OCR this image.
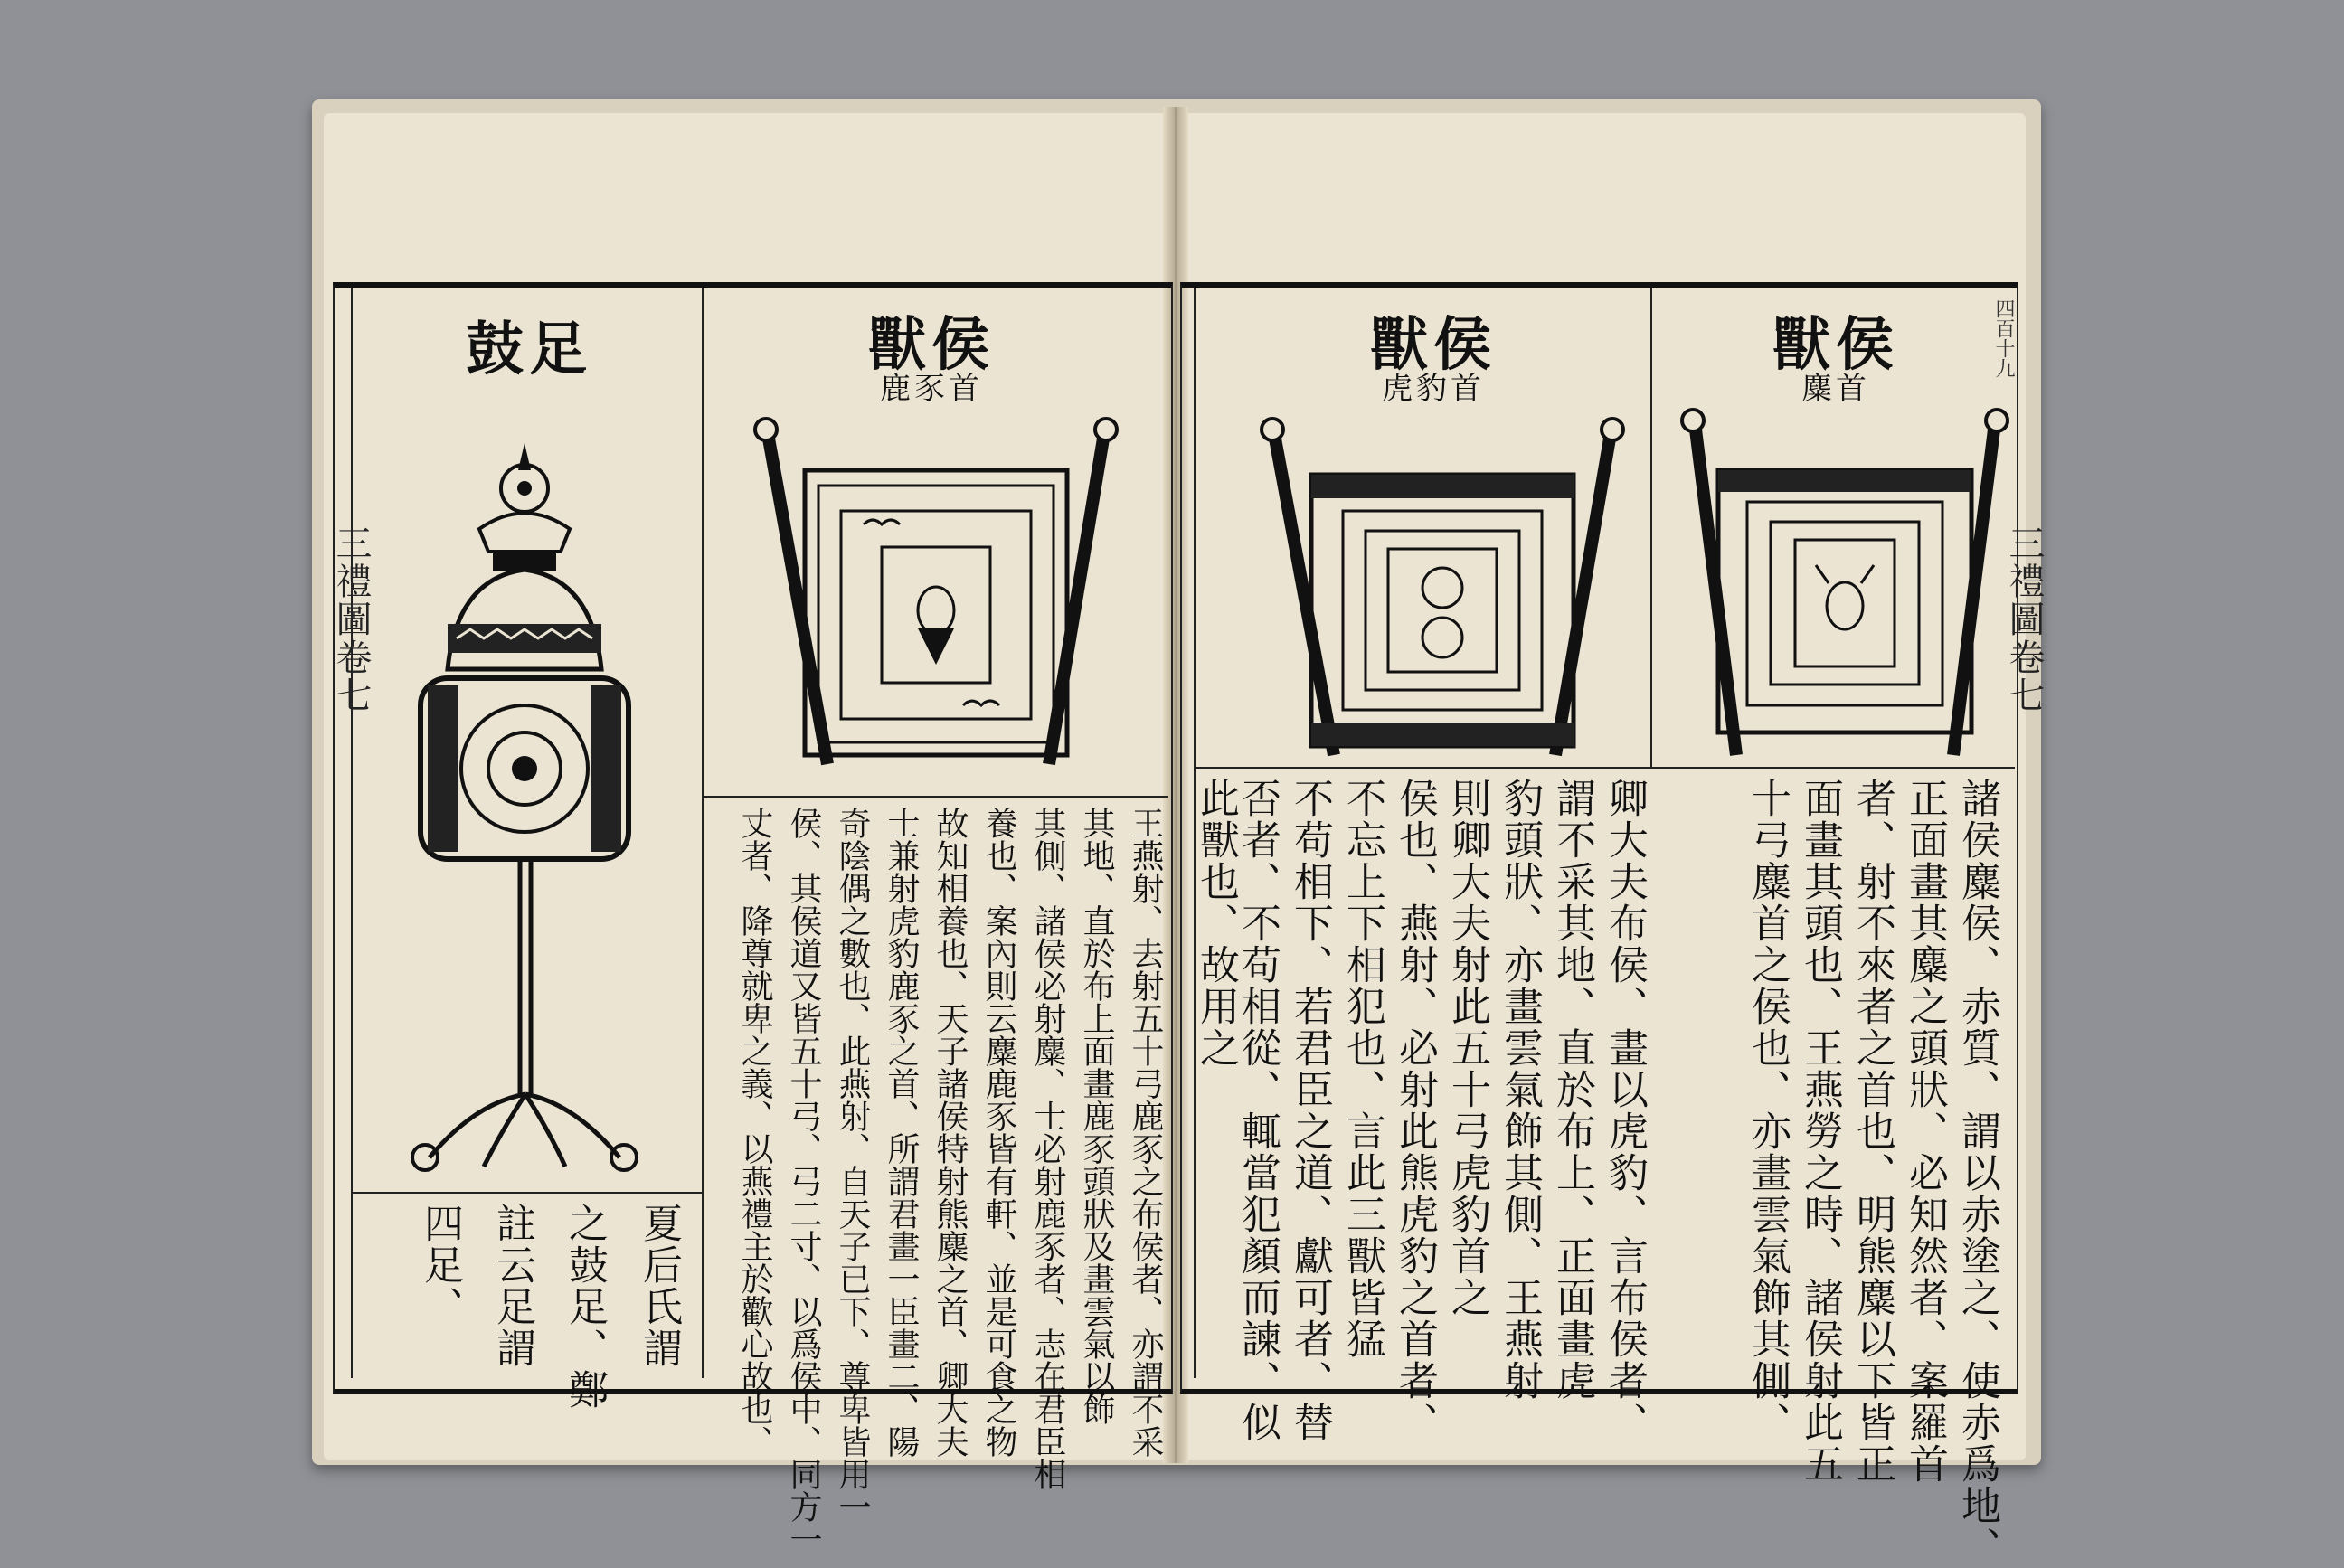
鼓足
夏后氏謂
之鼓足、鄭
註云足謂
四足、
獸侯
鹿豕首
王燕射、去射五十弓鹿豕之布侯者、亦謂不采
其地、直於布上面畫鹿豕頭狀及畫雲氣以飾
其側、諸侯必射麋、士必射鹿豕者、志在君臣相
養也、案內則云麋鹿豕皆有軒、並是可食之物
故知相養也、天子諸侯特射熊麋之首、卿大夫
士兼射虎豹鹿豕之首、所謂君畫一臣畫二、陽
奇陰偶之數也、此燕射、自天子已下、尊卑皆用一
侯、其侯道又皆五十弓、弓二寸、以爲侯中、同方一
丈者、降尊就卑之義、以燕禮主於歡心故也、
三禮圖卷七
獸侯
虎豹首
卿大夫布侯、畫以虎豹、言布侯者、
謂不采其地、直於布上、正面畫虎
豹頭狀、亦畫雲氣飾其側、王燕射
則卿大夫射此五十弓虎豹首之
侯也、燕射、必射此熊虎豹之首者、
不忘上下相犯也、言此三獸皆猛
不苟相下、若君臣之道、獻可者、替
否者、不苟相從、輒當犯顏而諫、似
此獸也、故用之
獸侯
麋首
諸侯麋侯、赤質、謂以赤塗之、使赤爲地、
正面畫其麋之頭狀、必知然者、案羅首
者、射不來者之首也、明熊麋以下皆正
面畫其頭也、王燕勞之時、諸侯射此五
十弓麋首之侯也、亦畫雲氣飾其側、
三禮圖卷七
四百十九
